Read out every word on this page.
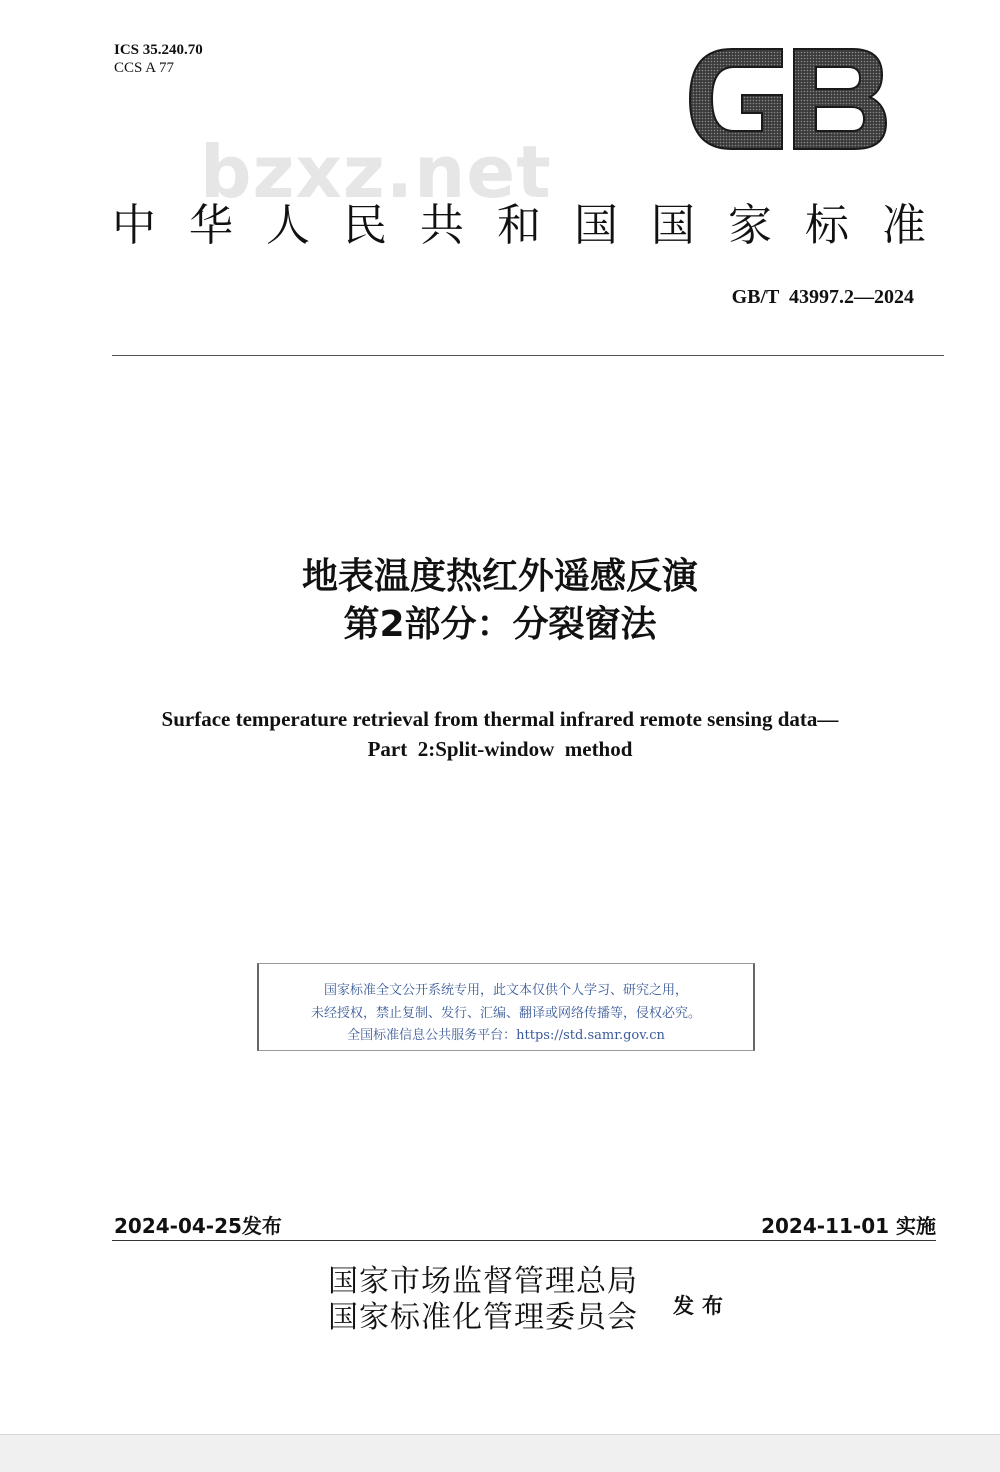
ICS 35.240.70
CCS A 77
bzxz.net
中华人民共和国国家标准
GB/T  43997.2—2024
地表温度热红外遥感反演
第2部分：分裂窗法
Surface temperature retrieval from thermal infrared remote sensing data—
Part  2:Split-window  method
国家标准全文公开系统专用，此文本仅供个人学习、研究之用，
未经授权，禁止复制、发行、汇编、翻译或网络传播等，侵权必究。
全国标准信息公共服务平台：https://std.samr.gov.cn
2024-04-25发布	2024-11-01 实施
国家市场监督管理总局
国家标准化管理委员会 发布
